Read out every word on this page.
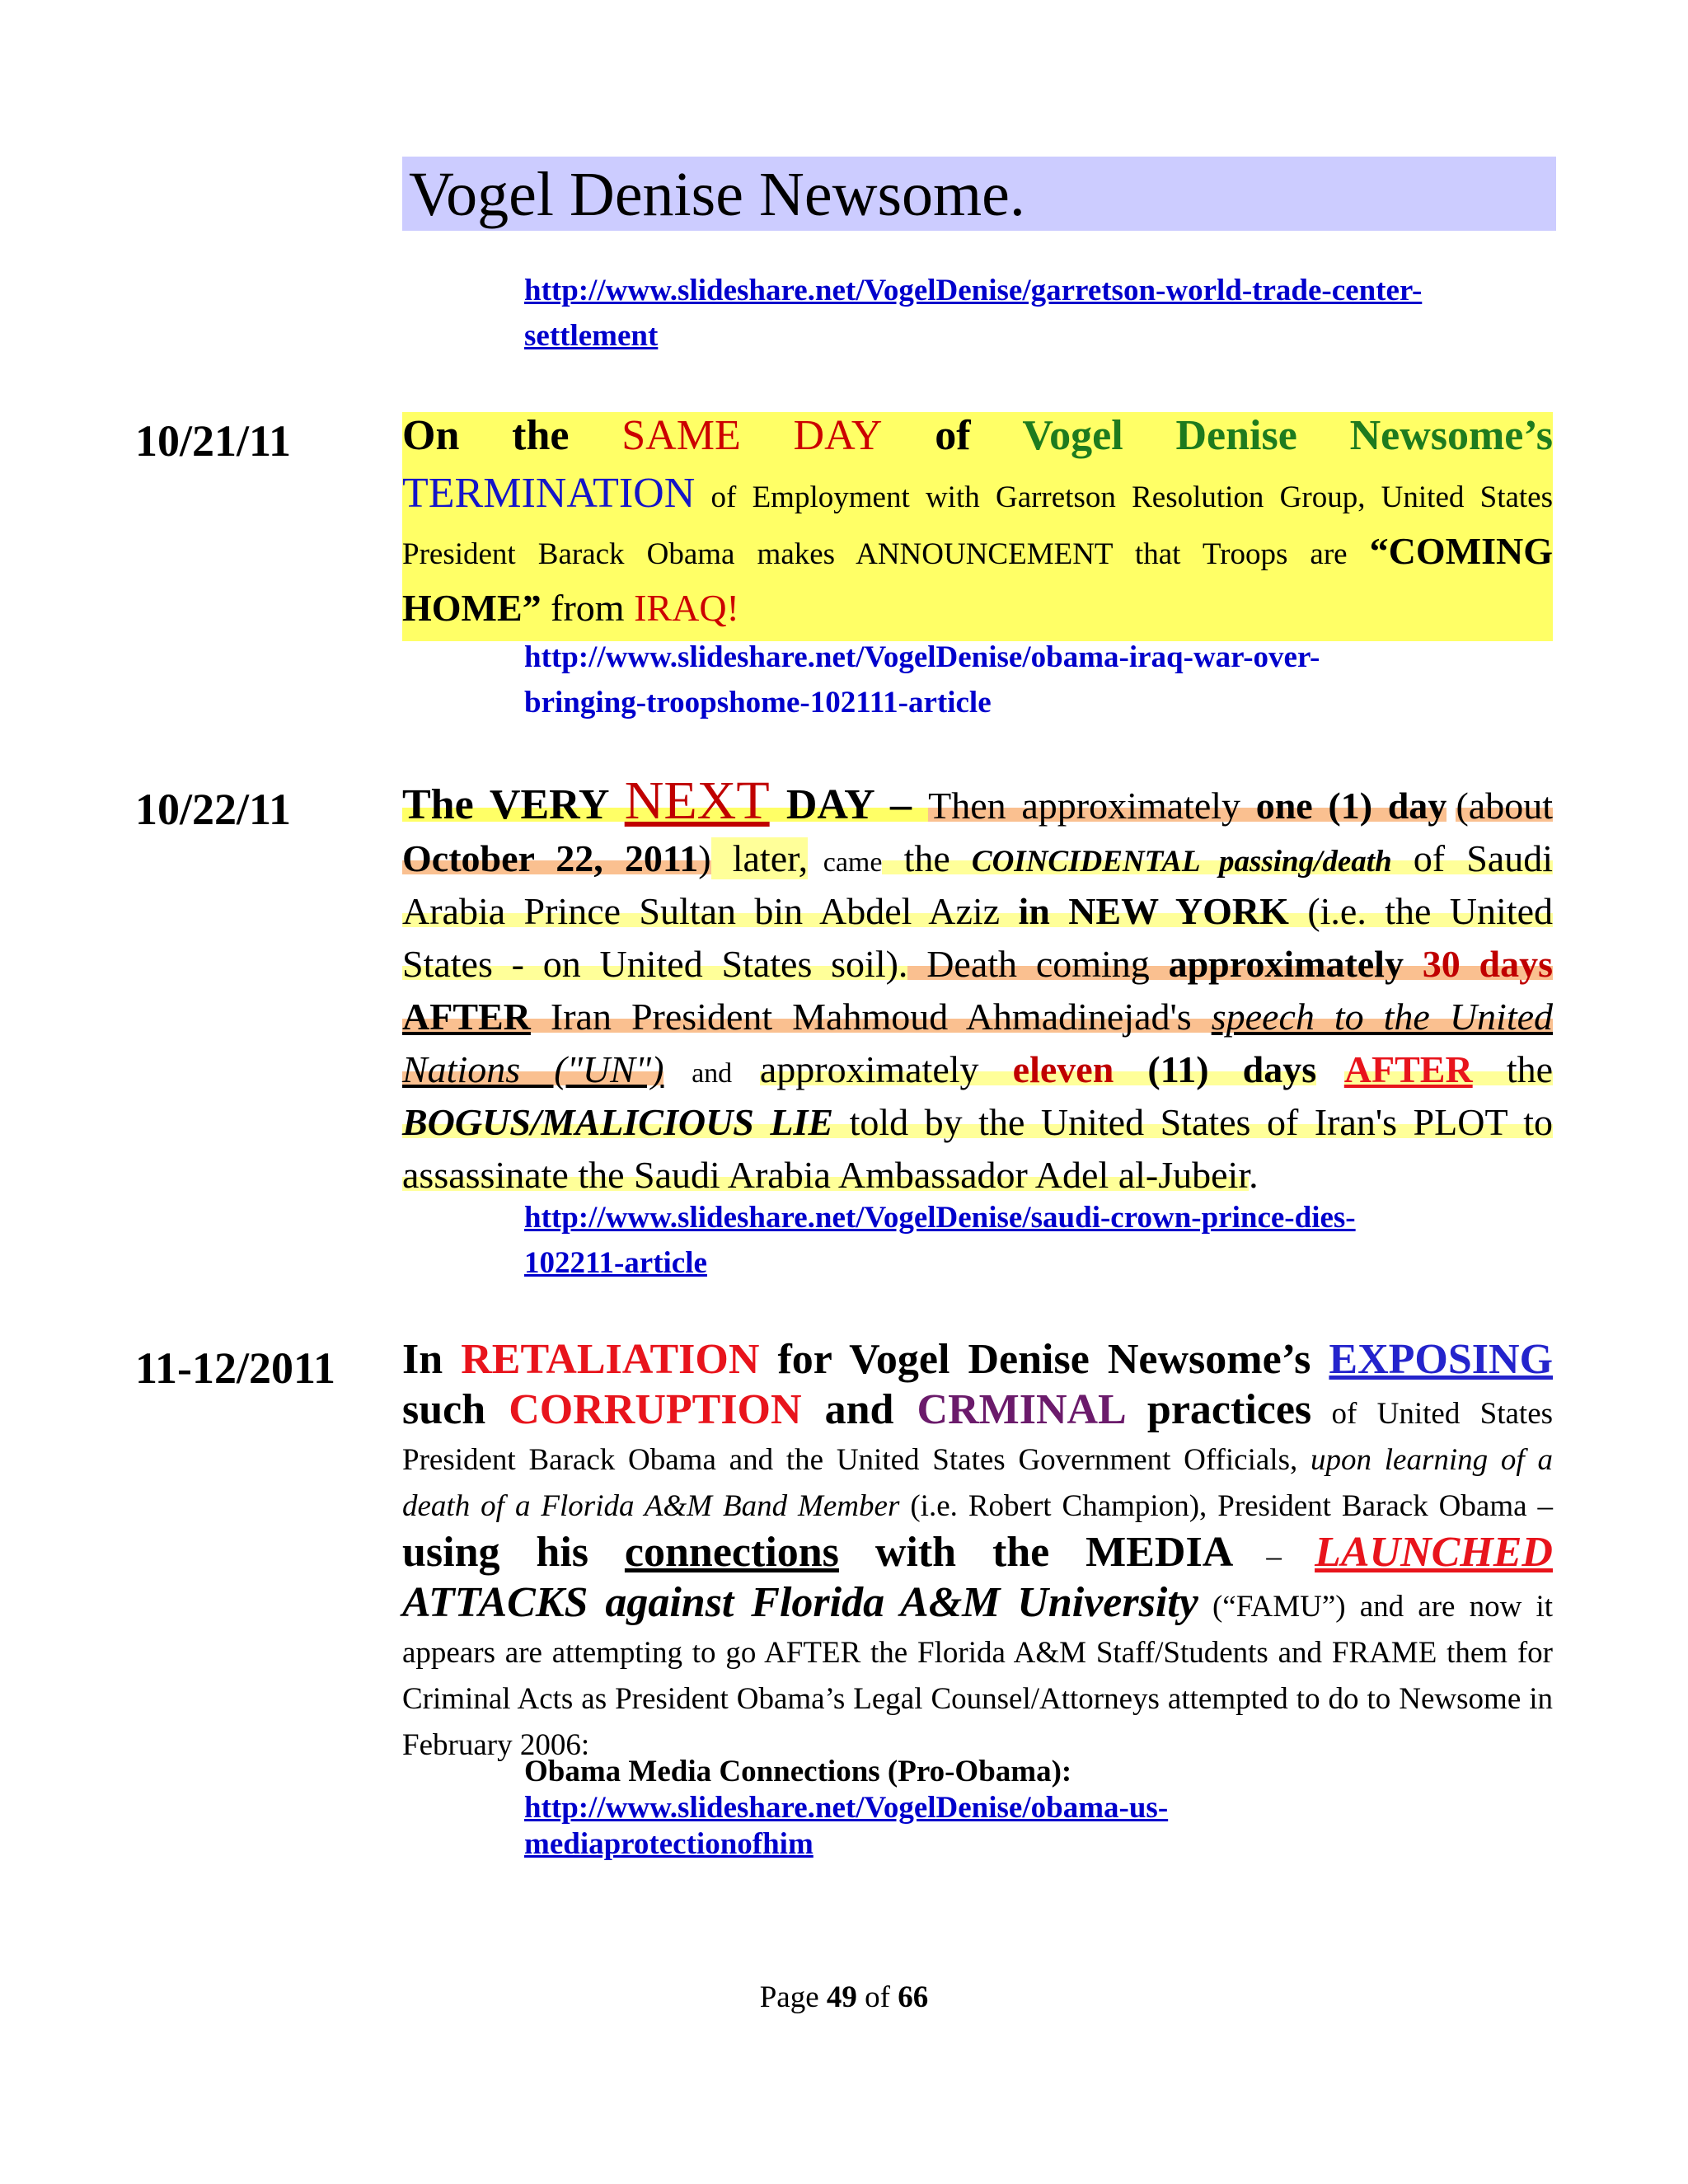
Vogel Denise Newsome.
http://www.slideshare.net/VogelDenise/garretson-world-trade-center-
settlement
10/21/11	On the SAME DAY of Vogel Denise Newsome’s TERMINATION of Employment with Garretson Resolution Group, United States President Barack Obama makes ANNOUNCEMENT that Troops are “COMING HOME” from IRAQ!
http://www.slideshare.net/VogelDenise/obama-iraq-war-over-
bringing-troopshome-102111-article
10/22/11	The VERY NEXT DAY – Then approximately one (1) day (about October 22, 2011) later, came the COINCIDENTAL passing/death of Saudi Arabia Prince Sultan bin Abdel Aziz in NEW YORK (i.e. the United States - on United States soil). Death coming approximately 30 days AFTER Iran President Mahmoud Ahmadinejad's speech to the United Nations ("UN") and approximately eleven (11) days AFTER the BOGUS/MALICIOUS LIE told by the United States of Iran's PLOT to assassinate the Saudi Arabia Ambassador Adel al-Jubeir.
http://www.slideshare.net/VogelDenise/saudi-crown-prince-dies-
102211-article
11-12/2011 In RETALIATION for Vogel Denise Newsome’s EXPOSING such CORRUPTION and CRMINAL practices of United States President Barack Obama and the United States Government Officials, upon learning of a death of a Florida A&M Band Member (i.e. Robert Champion), President Barack Obama – using his connections with the MEDIA – LAUNCHED ATTACKS against Florida A&M University (“FAMU”) and are now it appears are attempting to go AFTER the Florida A&M Staff/Students and FRAME them for Criminal Acts as President Obama’s Legal Counsel/Attorneys attempted to do to Newsome in February 2006:
Obama Media Connections (Pro-Obama):
http://www.slideshare.net/VogelDenise/obama-us-
mediaprotectionofhim
Page 49 of 66
